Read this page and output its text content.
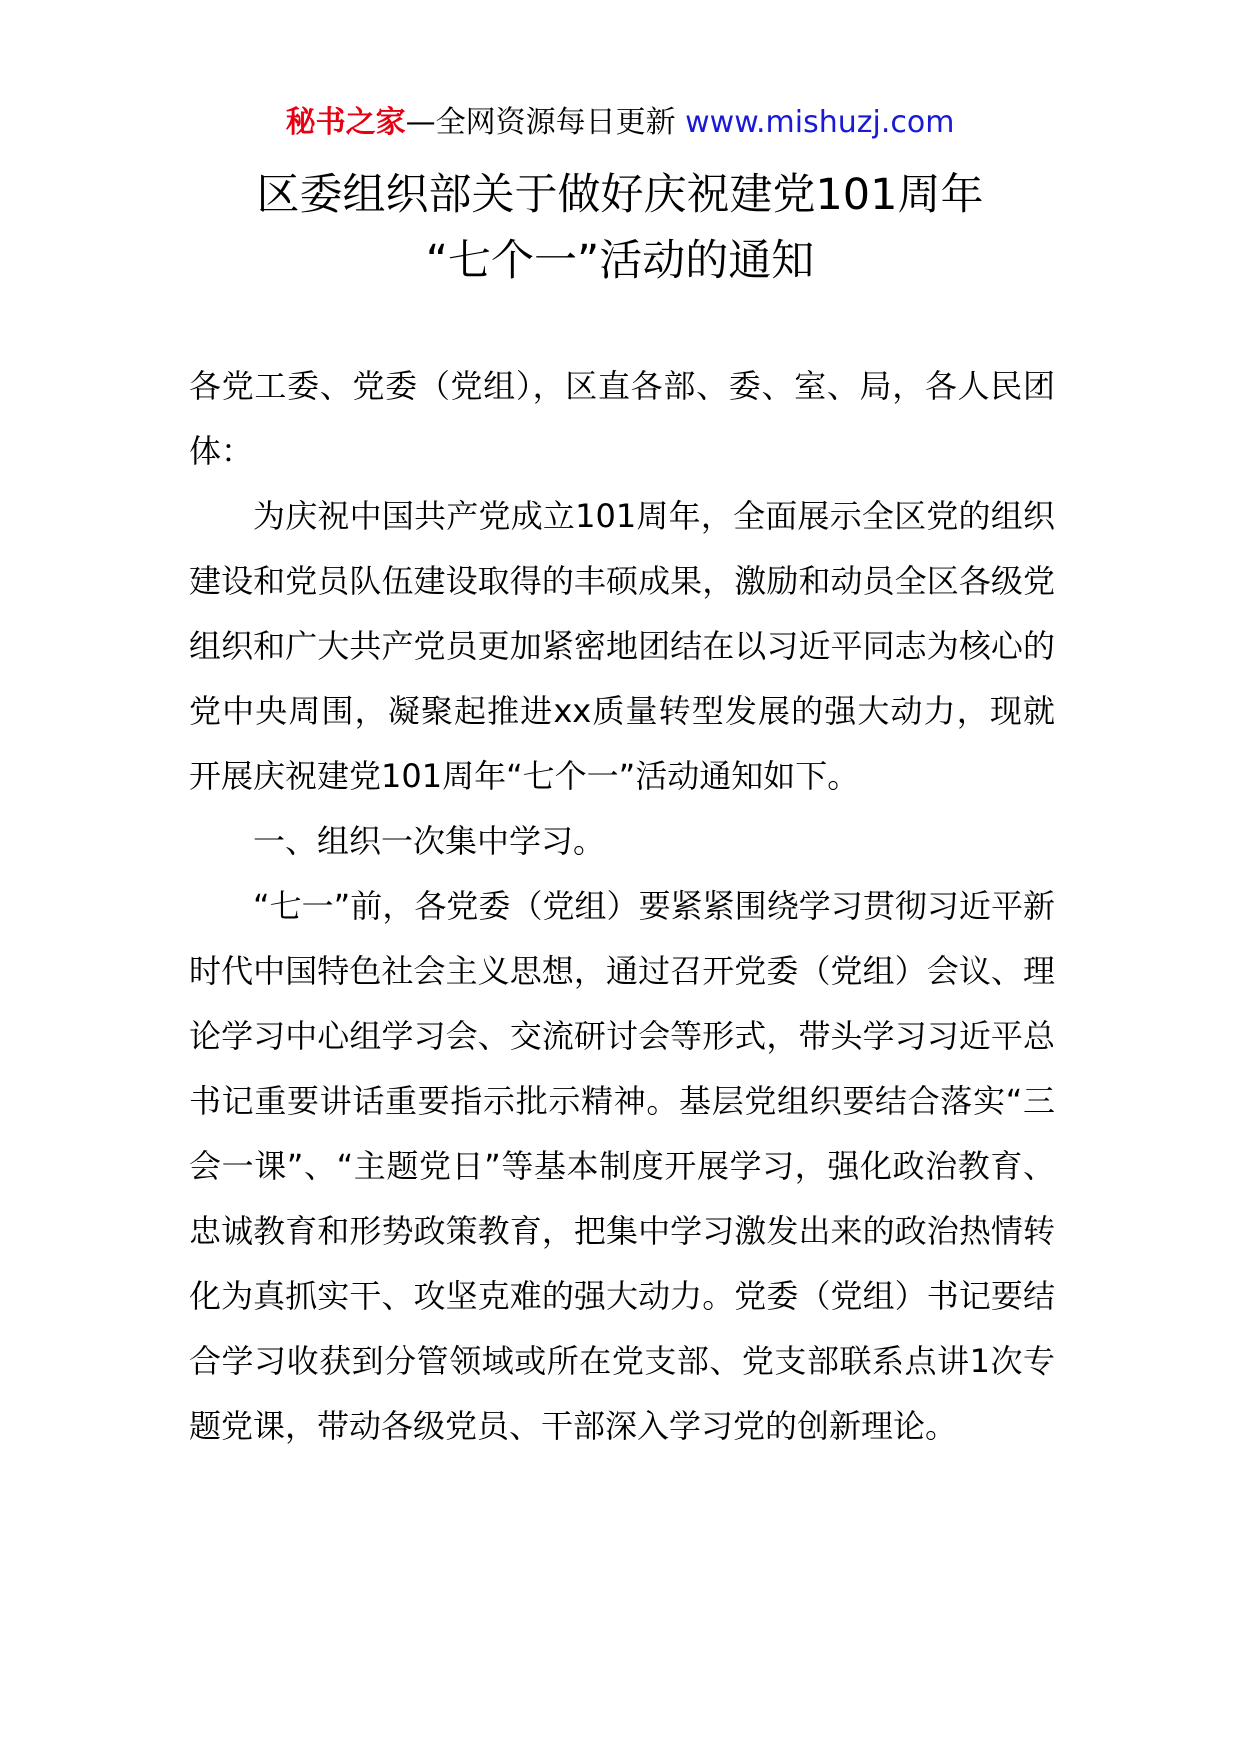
秘书之家—全网资源每日更新 www.mishuzj.com
区委组织部关于做好庆祝建党101周年
“七个一”活动的通知

各党工委、党委（党组），区直各部、委、室、局，各人民团体：

为庆祝中国共产党成立101周年，全面展示全区党的组织建设和党员队伍建设取得的丰硕成果，激励和动员全区各级党组织和广大共产党员更加紧密地团结在以习近平同志为核心的党中央周围，凝聚起推进xx质量转型发展的强大动力，现就开展庆祝建党101周年“七个一”活动通知如下。

一、组织一次集中学习。

“七一”前，各党委（党组）要紧紧围绕学习贯彻习近平新时代中国特色社会主义思想，通过召开党委（党组）会议、理论学习中心组学习会、交流研讨会等形式，带头学习习近平总书记重要讲话重要指示批示精神。基层党组织要结合落实“三会一课”、“主题党日”等基本制度开展学习，强化政治教育、忠诚教育和形势政策教育，把集中学习激发出来的政治热情转化为真抓实干、攻坚克难的强大动力。党委（党组）书记要结合学习收获到分管领域或所在党支部、党支部联系点讲1次专题党课，带动各级党员、干部深入学习党的创新理论。
